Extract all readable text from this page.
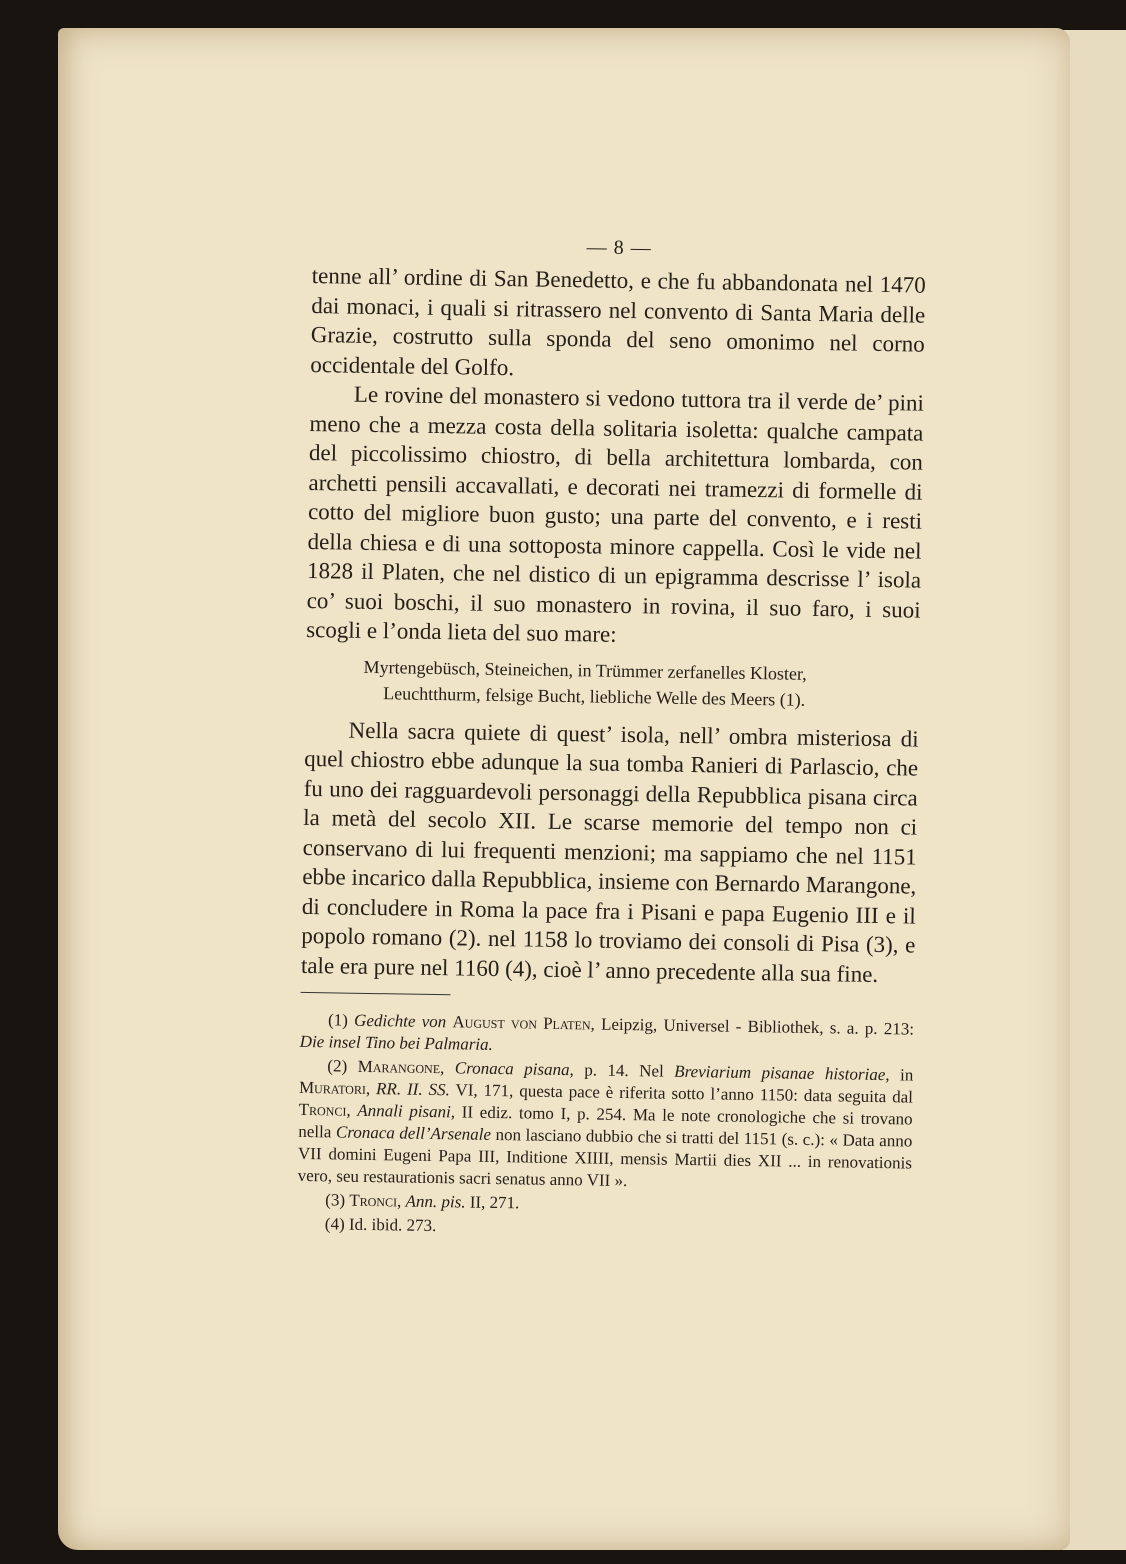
— 8 —

tenne all’ ordine di San Benedetto, e che fu abbandonata nel 1470 dai monaci, i quali si ritrassero nel convento di Santa Maria delle Grazie, costrutto sulla sponda del seno omonimo nel corno occidentale del Golfo.

Le rovine del monastero si vedono tuttora tra il verde de’ pini meno che a mezza costa della solitaria isoletta: qualche campata del piccolissimo chiostro, di bella architettura lombarda, con archetti pensili accavallati, e decorati nei tramezzi di formelle di cotto del migliore buon gusto; una parte del convento, e i resti della chiesa e di una sottoposta minore cappella. Così le vide nel 1828 il Platen, che nel distico di un epigramma descrisse l’ isola co’ suoi boschi, il suo monastero in rovina, il suo faro, i suoi scogli e l’onda lieta del suo mare:

Myrtengebüsch, Steineichen, in Trümmer zerfanelles Kloster,
Leuchtthurm, felsige Bucht, liebliche Welle des Meers (1).

Nella sacra quiete di quest’ isola, nell’ ombra misteriosa di quel chiostro ebbe adunque la sua tomba Ranieri di Parlascio, che fu uno dei ragguardevoli personaggi della Repubblica pisana circa la metà del secolo XII. Le scarse memorie del tempo non ci conservano di lui frequenti menzioni; ma sappiamo che nel 1151 ebbe incarico dalla Repubblica, insieme con Bernardo Marangone, di concludere in Roma la pace fra i Pisani e papa Eugenio III e il popolo romano (2). nel 1158 lo troviamo dei consoli di Pisa (3), e tale era pure nel 1160 (4), cioè l’ anno precedente alla sua fine.

(1) Gedichte von August von Platen, Leipzig, Universel - Bibliothek, s. a. p. 213: Die insel Tino bei Palmaria.

(2) Marangone, Cronaca pisana, p. 14. Nel Breviarium pisanae historiae, in Muratori, RR. II. SS. VI, 171, questa pace è riferita sotto l’anno 1150: data seguita dal Tronci, Annali pisani, II ediz. tomo I, p. 254. Ma le note cronologiche che si trovano nella Cronaca dell’Arsenale non lasciano dubbio che si tratti del 1151 (s. c.): « Data anno VII domini Eugeni Papa III, Inditione XIIII, mensis Martii dies XII ... in renovationis vero, seu restaurationis sacri senatus anno VII ».

(3) Tronci, Ann. pis. II, 271.

(4) Id. ibid. 273.
